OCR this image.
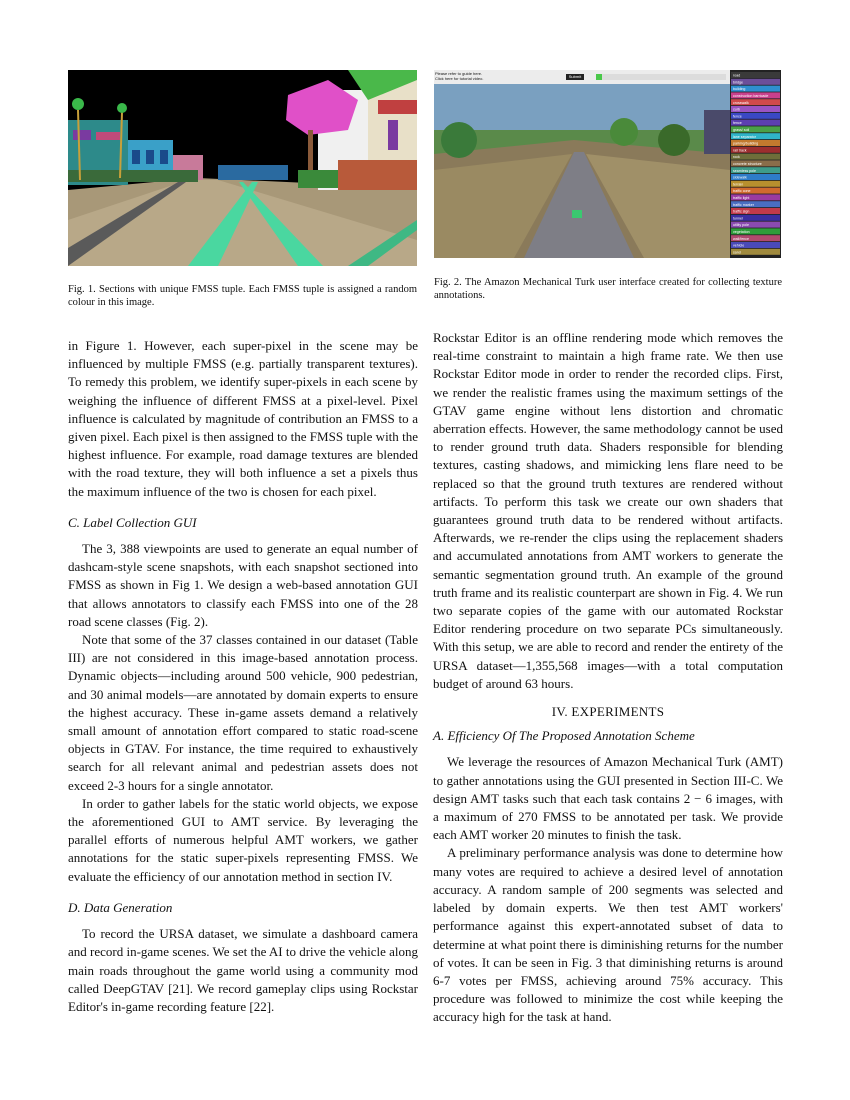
Fig. 1. Sections with unique FMSS tuple. Each FMSS tuple is assigned a random colour in this image.
road
bridge
building
construction barricade
crosswalk
curb
fence
fence
grass/ soil
lane separator
parking/building
rail track
rock
concrete structure
seamless pole
sidewalk
terrain
traffic cone
traffic light
traffic marker
traffic sign
tunnel
utility pole
vegetation
wall/fence
vehicle
sand
Please refer to guide here.
Click here for tutorial video.	Submit
Fig. 2. The Amazon Mechanical Turk user interface created for collecting texture annotations.

in Figure 1. However, each super-pixel in the scene may be influenced by multiple FMSS (e.g. partially transparent textures). To remedy this problem, we identify super-pixels in each scene by weighing the influence of different FMSS at a pixel-level. Pixel influence is calculated by magnitude of contribution an FMSS to a given pixel. Each pixel is then assigned to the FMSS tuple with the highest influence. For example, road damage textures are blended with the road texture, they will both influence a set a pixels thus the maximum influence of the two is chosen for each pixel.

C. Label Collection GUI

The 3, 388 viewpoints are used to generate an equal number of dashcam-style scene snapshots, with each snapshot sectioned into FMSS as shown in Fig 1. We design a web-based annotation GUI that allows annotators to classify each FMSS into one of the 28 road scene classes (Fig. 2).

Note that some of the 37 classes contained in our dataset (Table III) are not considered in this image-based annotation process. Dynamic objects—including around 500 vehicle, 900 pedestrian, and 30 animal models—are annotated by domain experts to ensure the highest accuracy. These in-game assets demand a relatively small amount of annotation effort compared to static road-scene objects in GTAV. For instance, the time required to exhaustively search for all relevant animal and pedestrian assets does not exceed 2-3 hours for a single annotator.

In order to gather labels for the static world objects, we expose the aforementioned GUI to AMT service. By leveraging the parallel efforts of numerous helpful AMT workers, we gather annotations for the static super-pixels representing FMSS. We evaluate the efficiency of our annotation method in section IV.

D. Data Generation

To record the URSA dataset, we simulate a dashboard camera and record in-game scenes. We set the AI to drive the vehicle along main roads throughout the game world using a community mod called DeepGTAV [21]. We record gameplay clips using Rockstar Editor's in-game recording feature [22].

Rockstar Editor is an offline rendering mode which removes the real-time constraint to maintain a high frame rate. We then use Rockstar Editor mode in order to render the recorded clips. First, we render the realistic frames using the maximum settings of the GTAV game engine without lens distortion and chromatic aberration effects. However, the same methodology cannot be used to render ground truth data. Shaders responsible for blending textures, casting shadows, and mimicking lens flare need to be replaced so that the ground truth textures are rendered without artifacts. To perform this task we create our own shaders that guarantees ground truth data to be rendered without artifacts. Afterwards, we re-render the clips using the replacement shaders and accumulated annotations from AMT workers to generate the semantic segmentation ground truth. An example of the ground truth frame and its realistic counterpart are shown in Fig. 4. We run two separate copies of the game with our automated Rockstar Editor rendering procedure on two separate PCs simultaneously. With this setup, we are able to record and render the entirety of the URSA dataset—1,355,568 images—with a total computation budget of around 63 hours.

IV. EXPERIMENTS
A. Efficiency Of The Proposed Annotation Scheme

We leverage the resources of Amazon Mechanical Turk (AMT) to gather annotations using the GUI presented in Section III-C. We design AMT tasks such that each task contains 2 − 6 images, with a maximum of 270 FMSS to be annotated per task. We provide each AMT worker 20 minutes to finish the task.

A preliminary performance analysis was done to determine how many votes are required to achieve a desired level of annotation accuracy. A random sample of 200 segments was selected and labeled by domain experts. We then test AMT workers' performance against this expert-annotated subset of data to determine at what point there is diminishing returns for the number of votes. It can be seen in Fig. 3 that diminishing returns is around 6-7 votes per FMSS, achieving around 75% accuracy. This procedure was followed to minimize the cost while keeping the accuracy high for the task at hand.
